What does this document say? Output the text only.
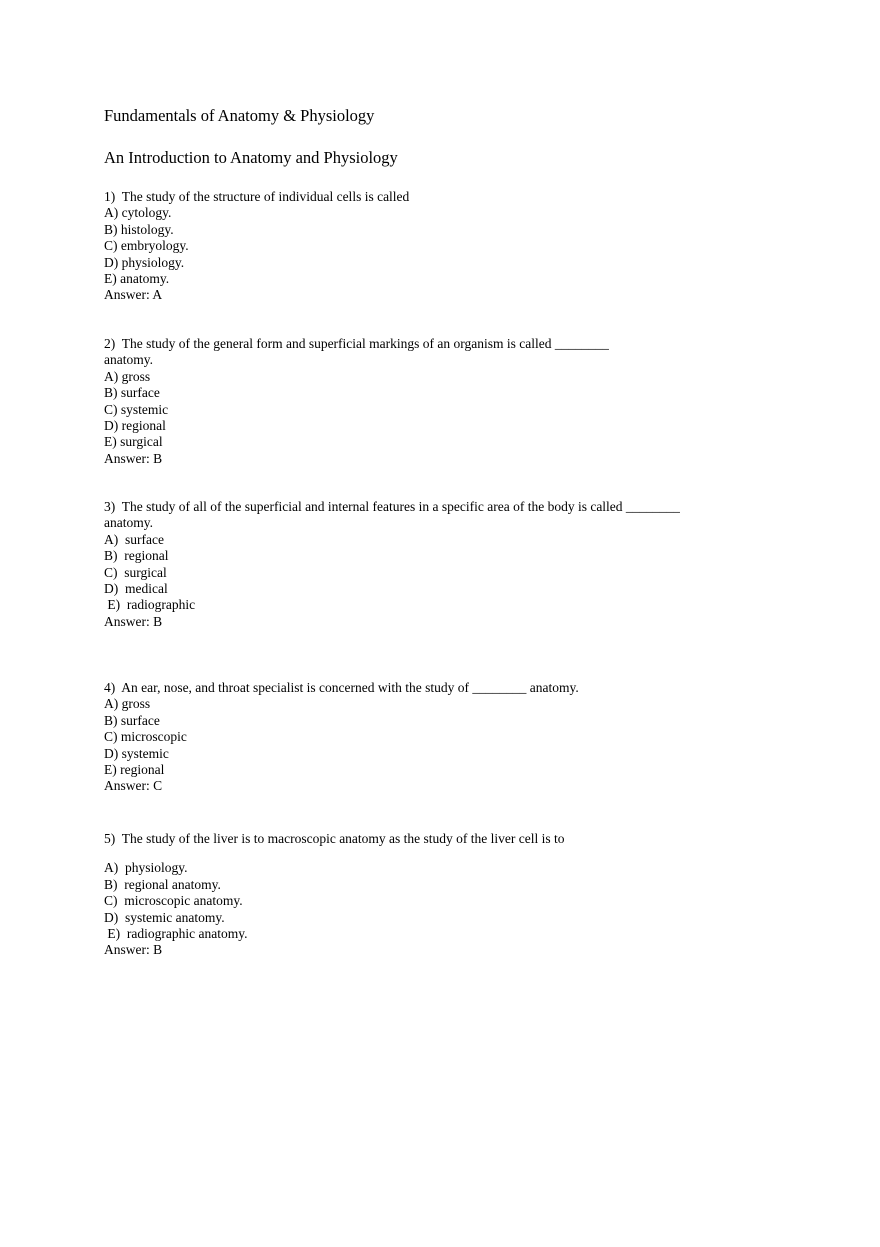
Fundamentals of Anatomy & Physiology
An Introduction to Anatomy and Physiology
1)  The study of the structure of individual cells is called
A) cytology.
B) histology.
C) embryology.
D) physiology.
E) anatomy.
Answer: A
2)  The study of the general form and superficial markings of an organism is called ________
anatomy.
A) gross
B) surface
C) systemic
D) regional
E) surgical
Answer: B
3)  The study of all of the superficial and internal features in a specific area of the body is called ________
anatomy.
A)  surface
B)  regional
C)  surgical
D)  medical
E)  radiographic
Answer: B
4)  An ear, nose, and throat specialist is concerned with the study of ________ anatomy.
A) gross
B) surface
C) microscopic
D) systemic
E) regional
Answer: C
5)  The study of the liver is to macroscopic anatomy as the study of the liver cell is to
A)  physiology.
B)  regional anatomy.
C)  microscopic anatomy.
D)  systemic anatomy.
E)  radiographic anatomy.
Answer: B
